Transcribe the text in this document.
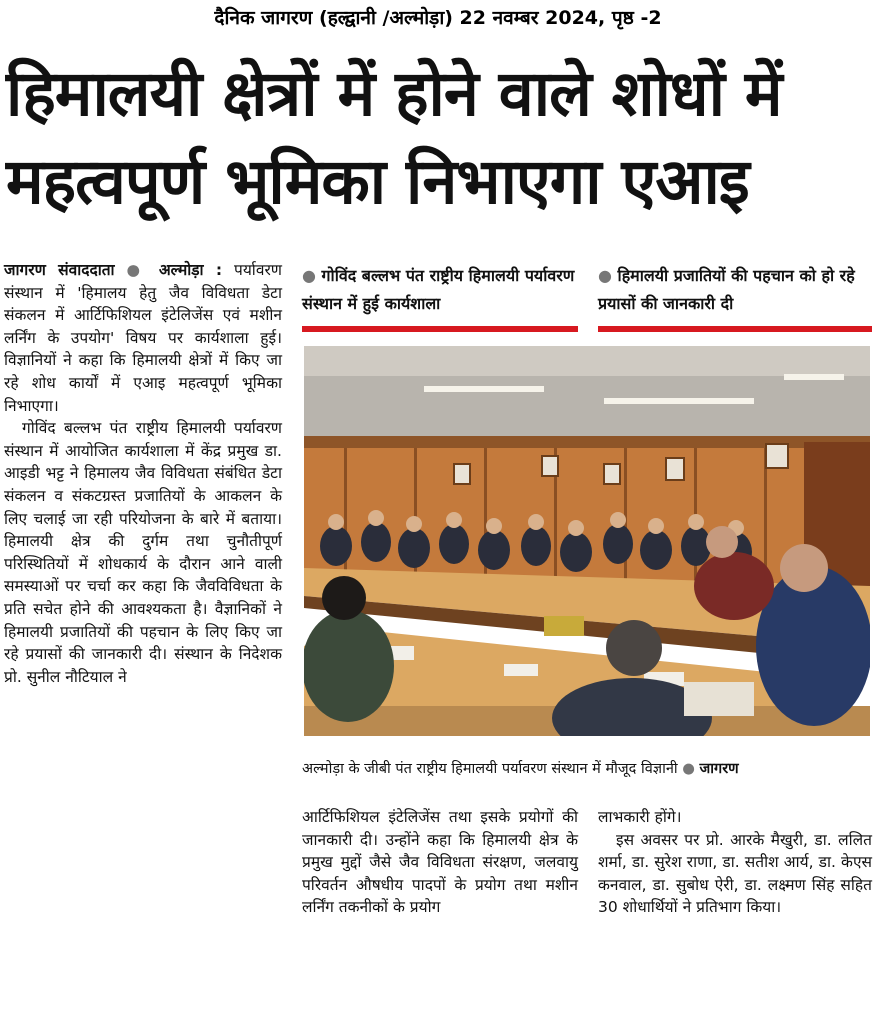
दैनिक जागरण (हल्द्वानी /अल्मोड़ा) 22 नवम्बर 2024, पृष्ठ -2
हिमालयी क्षेत्रों में होने वाले शोधों में
महत्वपूर्ण भूमिका निभाएगा एआइ

जागरण संवाददाता ● अल्मोड़ा : पर्यावरण संस्थान में 'हिमालय हेतु जैव विविधता डेटा संकलन में आर्टिफिशियल इंटेलिजेंस एवं मशीन लर्निंग के उपयोग' विषय पर कार्यशाला हुई। विज्ञानियों ने कहा कि हिमालयी क्षेत्रों में किए जा रहे शोध कार्यों में एआइ महत्वपूर्ण भूमिका निभाएगा।

गोविंद बल्लभ पंत राष्ट्रीय हिमालयी पर्यावरण संस्थान में आयोजित कार्यशाला में केंद्र प्रमुख डा. आइडी भट्ट ने हिमालय जैव विविधता संबंधित डेटा संकलन व संकटग्रस्त प्रजातियों के आकलन के लिए चलाई जा रही परियोजना के बारे में बताया। हिमालयी क्षेत्र की दुर्गम तथा चुनौतीपूर्ण परिस्थितियों में शोधकार्य के दौरान आने वाली समस्याओं पर चर्चा कर कहा कि जैवविविधता के प्रति सचेत होने की आवश्यकता है। वैज्ञानिकों ने हिमालयी प्रजातियों की पहचान के लिए किए जा रहे प्रयासों की जानकारी दी। संस्थान के निदेशक प्रो. सुनील नौटियाल ने

● गोविंद बल्लभ पंत राष्ट्रीय हिमालयी पर्यावरण संस्थान में हुई कार्यशाला
● हिमालयी प्रजातियों की पहचान को हो रहे प्रयासों की जानकारी दी
अल्मोड़ा के जीबी पंत राष्ट्रीय हिमालयी पर्यावरण संस्थान में मौजूद विज्ञानी ● जागरण

आर्टिफिशियल इंटेलिजेंस तथा इसके प्रयोगों की जानकारी दी। उन्होंने कहा कि हिमालयी क्षेत्र के प्रमुख मुद्दों जैसे जैव विविधता संरक्षण, जलवायु परिवर्तन औषधीय पादपों के प्रयोग तथा मशीन लर्निंग तकनीकों के प्रयोग

लाभकारी होंगे।

इस अवसर पर प्रो. आरके मैखुरी, डा. ललित शर्मा, डा. सुरेश राणा, डा. सतीश आर्य, डा. केएस कनवाल, डा. सुबोध ऐरी, डा. लक्ष्मण सिंह सहित 30 शोधार्थियों ने प्रतिभाग किया।
